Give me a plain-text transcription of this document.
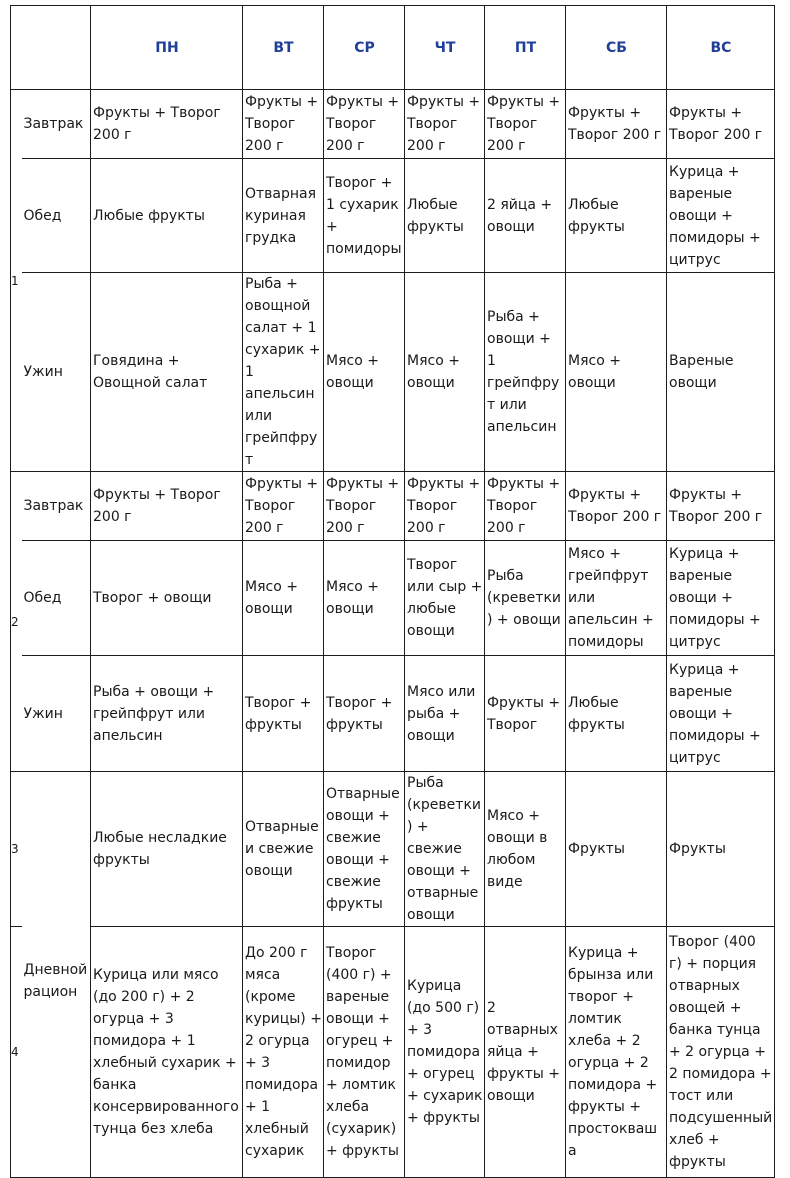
		ПН	ВТ	СР	ЧТ	ПТ	СБ	ВС
1	Завтрак	Фрукты + Творог 200 г	Фрукты + Творог 200 г	Фрукты + Творог 200 г	Фрукты + Творог 200 г	Фрукты + Творог 200 г	Фрукты + Творог 200 г	Фрукты + Творог 200 г
	Обед	Любые фрукты	Отварная куриная грудка	Творог + 1 сухарик + помидоры	Любые фрукты	2 яйца + овощи	Любые фрукты	Курица + вареные овощи + помидоры + цитрус
	Ужин	Говядина + Овощной салат	Рыба + овощной салат + 1 сухарик + 1 апельсин или грейпфрут	Мясо + овощи	Мясо + овощи	Рыба + овощи + 1 грейпфрут или апельсин	Мясо + овощи	Вареные овощи
2	Завтрак	Фрукты + Творог 200 г	Фрукты + Творог 200 г	Фрукты + Творог 200 г	Фрукты + Творог 200 г	Фрукты + Творог 200 г	Фрукты + Творог 200 г	Фрукты + Творог 200 г
	Обед	Творог + овощи	Мясо + овощи	Мясо + овощи	Творог или сыр + любые овощи	Рыба (креветки) + овощи	Мясо + грейпфрут или апельсин + помидоры	Курица + вареные овощи + помидоры + цитрус
	Ужин	Рыба + овощи + грейпфрут или апельсин	Творог + фрукты	Творог + фрукты	Мясо или рыба + овощи	Фрукты + Творог	Любые фрукты	Курица + вареные овощи + помидоры + цитрус
3		Любые несладкие фрукты	Отварные и свежие овощи	Отварные овощи + свежие овощи + свежие фрукты	Рыба (креветки) + свежие овощи + отварные овощи	Мясо + овощи в любом виде	Фрукты	Фрукты
4	Дневной рацион	Курица или мясо (до 200 г) + 2 огурца + 3 помидора + 1 хлебный сухарик + банка консервированного тунца без хлеба	До 200 г мяса (кроме курицы) + 2 огурца + 3 помидора + 1 хлебный сухарик	Творог (400 г) + вареные овощи + огурец + помидор + ломтик хлеба (сухарик) + фрукты	Курица (до 500 г) + 3 помидора + огурец + сухарик + фрукты	2 отварных яйца + фрукты + овощи	Курица + брынза или творог + ломтик хлеба + 2 огурца + 2 помидора + фрукты + простоквашa	Творог (400 г) + порция отварных овощей + банка тунца + 2 огурца + 2 помидора + тост или подсушенный хлеб + фрукты
